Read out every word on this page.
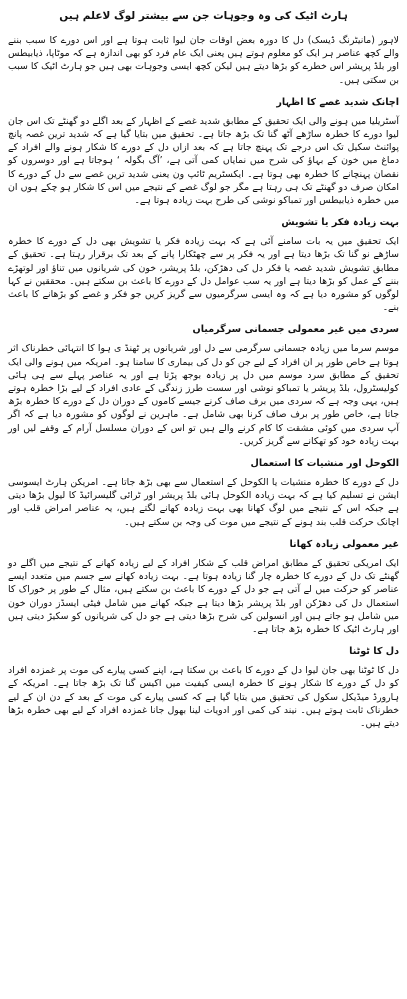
ہارٹ اٹیک کی وہ وجوہات جن سے بیشتر لوگ لاعلم ہیں

لاہور (مانیٹرنگ ڈیسک) دل کا دورہ بعض اوقات جان لیوا ثابت ہوتا ہے اور اس دورے کا سبب بننے والے کچھ عناصر ہر ایک کو معلوم ہوتے ہیں یعنی ایک عام فرد کو بھی اندازہ ہے کہ موٹاپا، ذیابیطس اور بلڈ پریشر اس خطرے کو بڑھا دیتے ہیں لیکن کچھ ایسی وجوہات بھی ہیں جو ہارٹ اٹیک کا سبب بن سکتی ہیں۔

اچانک شدید غصے کا اظہار

آسٹریلیا میں ہونے والی ایک تحقیق کے مطابق شدید غصے کے اظہار کے بعد اگلے دو گھنٹے تک اس جان لیوا دورے کا خطرہ ساڑھے آٹھ گنا تک بڑھ جاتا ہے۔ تحقیق میں بتایا گیا ہے کہ شدید ترین غصہ پانچ پوائنٹ سکیل تک اس درجے تک پہنچ جاتا ہے کہ بعد ازاں دل کے دورے کا شکار ہونے والے افراد کے دماغ میں خون کے بہاؤ کی شرح میں نمایاں کمی آتی ہے، ’آگ بگولہ ‘ ہوجاتا ہے اور دوسروں کو نقصان پہنچانے کا خطرہ بھی ہوتا ہے۔ ایکسٹریم ٹائپ ون یعنی شدید ترین غصے سے دل کے دورے کا امکان صرف دو گھنٹے تک ہی رہتا ہے مگر جو لوگ غصے کے نتیجے میں اس کا شکار ہو چکے ہوں ان میں خطرہ ذیابیطس اور تمباکو نوشی کی طرح بہت زیادہ ہوتا ہے۔

بہت زیادہ فکر یا تشویش

ایک تحقیق میں یہ بات سامنے آئی ہے کہ بہت زیادہ فکر یا تشویش بھی دل کے دورے کا خطرہ ساڑھے نو گنا تک بڑھا دیتا ہے اور یہ فکر پر سے چھٹکارا پانے کے بعد تک برقرار رہتا ہے۔ تحقیق کے مطابق تشویش شدید غصہ یا فکر دل کی دھڑکن، بلڈ پریشر، خون کی شریانوں میں تناؤ اور لوتھڑے بننے کے عمل کو بڑھا دیتا ہے اور یہ سب عوامل دل کے دورے کا باعث بن سکتے ہیں۔ محققین نے کہا لوگوں کو مشورہ دیا ہے کہ وہ ایسی سرگرمیوں سے گریز کریں جو فکر و غصے کو بڑھانے کا باعث بنے۔

سردی میں غیر معمولی جسمانی سرگرمیاں

موسم سرما میں زیادہ جسمانی سرگرمی سے دل اور شریانوں پر ٹھنڈ ی ہوا کا انتہائی خطرناک اثر ہوتا ہے خاص طور پر ان افراد کے لیے جن کو دل کی بیماری کا سامنا ہو۔ امریکہ میں ہونے والی ایک تحقیق کے مطابق سرد موسم میں دل پر زیادہ بوجھ پڑتا ہے اور یہ عناصر پہلے سے ہی ہائی کولیسٹرول، بلڈ پریشر یا تمباکو نوشی اور سست طرز زندگی کے عادی افراد کے لیے بڑا خطرہ ہوتے ہیں، یہی وجہ ہے کہ سردی میں برف صاف کرنے جیسے کاموں کے دوران دل کے دورے کا خطرہ بڑھ جاتا ہے، خاص طور پر برف صاف کرنا بھی شامل ہے۔ ماہرین نے لوگوں کو مشورہ دیا ہے کہ اگر آپ سردی میں کوئی مشقت کا کام کرنے والے ہیں تو اس کے دوران مسلسل آرام کے وقفے لیں اور بہت زیادہ خود کو تھکانے سے گریز کریں۔

الکوحل اور منشیات کا استعمال

دل کے دورے کا خطرہ منشیات یا الکوحل کے استعمال سے بھی بڑھ جاتا ہے۔ امریکن ہارٹ ایسوسی ایشن نے تسلیم کیا ہے کہ بہت زیادہ الکوحل ہائی بلڈ پریشر اور ٹرائی گلیسرائیڈ کا لیول بڑھا دیتی ہے جبکہ اس کے نتیجے میں لوگ کھانا بھی بہت زیادہ کھانے لگتے ہیں، یہ عناصر امراض قلب اور اچانک حرکت قلب بند ہونے کے نتیجے میں موت کی وجہ بن سکتے ہیں۔

غیر معمولی زیادہ کھانا

ایک امریکی تحقیق کے مطابق امراض قلب کے شکار افراد کے لیے زیادہ کھانے کے نتیجے میں اگلے دو گھنٹے تک دل کے دورے کا خطرہ چار گنا زیادہ ہوتا ہے۔ بہت زیادہ کھانے سے جسم میں متعدد ایسے عناصر کو حرکت میں لے آتی ہے جو دل کے دورے کا باعث بن سکتے ہیں، مثال کے طور پر خوراک کا استعمال دل کی دھڑکن اور بلڈ پریشر بڑھا دیتا ہے جبکہ کھانے میں شامل فیٹی ایسڈز دوران خون میں شامل ہو جاتے ہیں اور انسولین کی شرح بڑھا دیتی ہے جو دل کی شریانوں کو سکیڑ دیتی ہیں اور ہارٹ اٹیک کا خطرہ بڑھ جاتا ہے۔

دل کا ٹوٹنا

دل کا ٹوٹنا بھی جان لیوا دل کے دورے کا باعث بن سکتا ہے، اپنے کسی پیارے کی موت پر غمزدہ افراد کو دل کے دورے کا شکار ہونے کا خطرہ ایسی کیفیت میں اکیس گنا تک بڑھ جاتا ہے۔ امریکہ کے ہارورڈ میڈیکل سکول کی تحقیق میں بتایا گیا ہے کہ کسی پیارے کی موت کے بعد کے دن ان کے لیے خطرناک ثابت ہوتے ہیں۔ نیند کی کمی اور ادویات لینا بھول جانا غمزدہ افراد کے لیے بھی خطرہ بڑھا دیتے ہیں۔
